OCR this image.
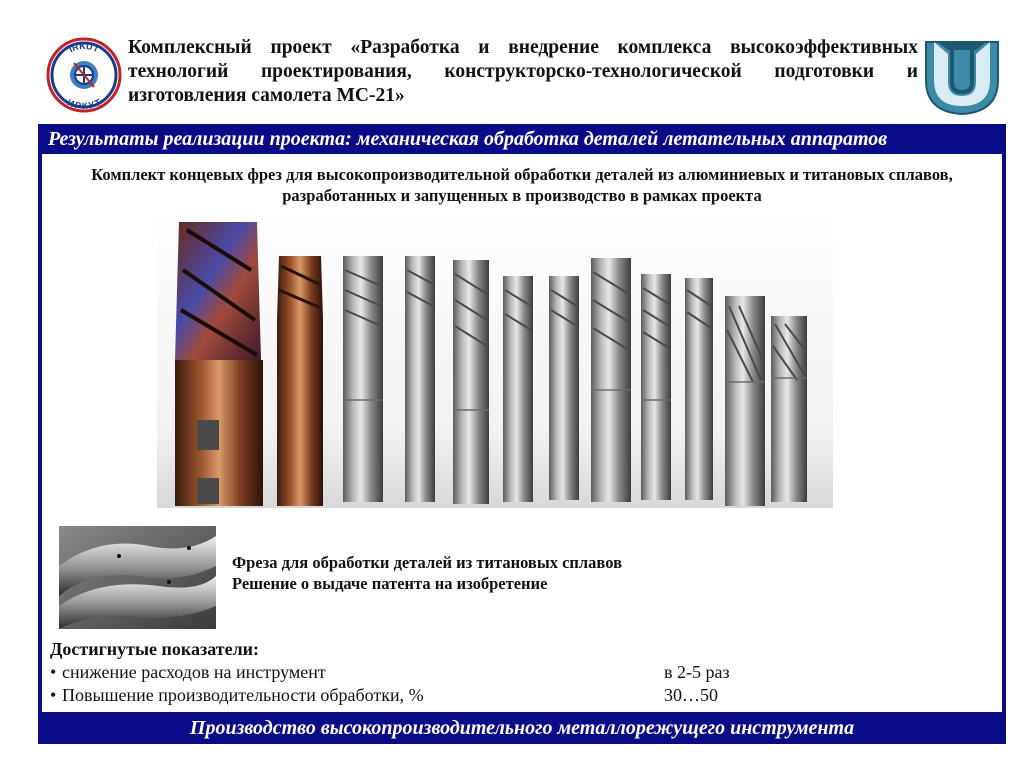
IRKUT
ИРКУТ
Комплексный проект «Разработка и внедрение комплекса высокоэффективных технологий проектирования, конструкторско-технологической подготовки и изготовления самолета МС-21»
Результаты реализации проекта: механическая обработка деталей летательных аппаратов
Комплект концевых фрез для высокопроизводительной обработки деталей из алюминиевых и титановых сплавов, разработанных и запущенных в производство в рамках проекта
Фреза для обработки деталей из титановых сплавов
Решение о выдаче патента на изобретение
Достигнутые показатели:
• снижение расходов на инструмент	в 2-5 раз
• Повышение производительности обработки, %	30…50
Производство высокопроизводительного металлорежущего инструмента
